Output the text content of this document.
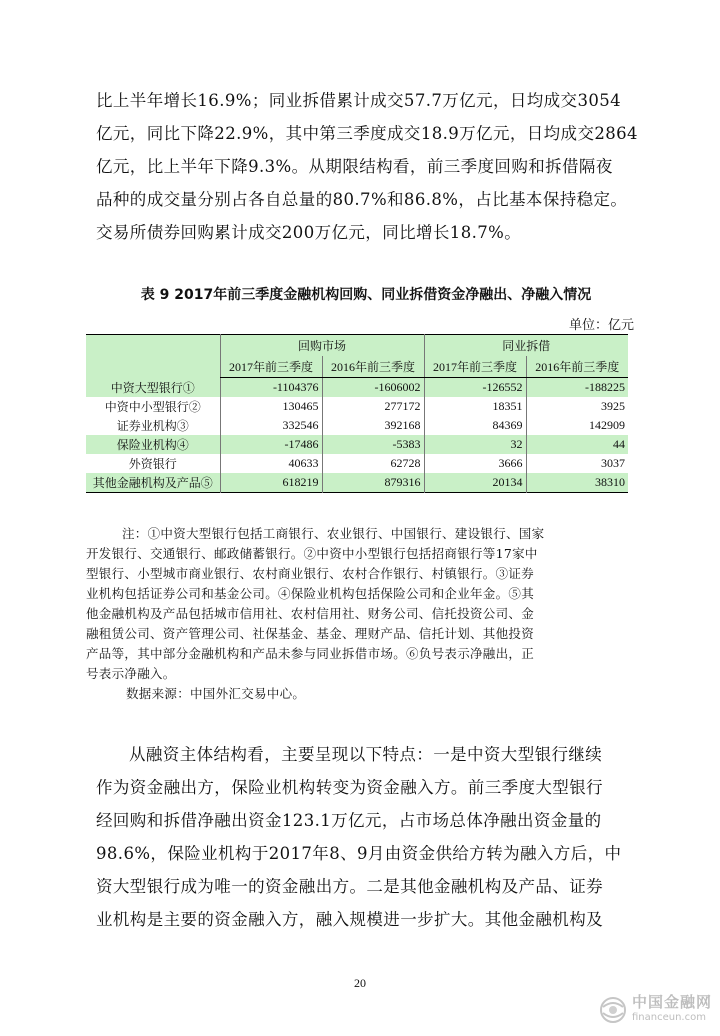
比上半年增长16.9%；同业拆借累计成交57.7万亿元，日均成交3054

亿元，同比下降22.9%，其中第三季度成交18.9万亿元，日均成交2864

亿元，比上半年下降9.3%。从期限结构看，前三季度回购和拆借隔夜

品种的成交量分别占各自总量的80.7%和86.8%，占比基本保持稳定。

交易所债券回购累计成交200万亿元，同比增长18.7%。

表 9 2017年前三季度金融机构回购、同业拆借资金净融出、净融入情况
单位：亿元
	回购市场		同业拆借	
	2017年前三季度	2016年前三季度	2017年前三季度	2016年前三季度
中资大型银行①	-1104376	-1606002	-126552	-188225
中资中小型银行②	130465	277172	18351	3925
证券业机构③	332546	392168	84369	142909
保险业机构④	-17486	-5383	32	44
外资银行	40633	62728	3666	3037
其他金融机构及产品⑤	618219	879316	20134	38310

注：①中资大型银行包括工商银行、农业银行、中国银行、建设银行、国家

开发银行、交通银行、邮政储蓄银行。②中资中小型银行包括招商银行等17家中

型银行、小型城市商业银行、农村商业银行、农村合作银行、村镇银行。③证券

业机构包括证券公司和基金公司。④保险业机构包括保险公司和企业年金。⑤其

他金融机构及产品包括城市信用社、农村信用社、财务公司、信托投资公司、金

融租赁公司、资产管理公司、社保基金、基金、理财产品、信托计划、其他投资

产品等，其中部分金融机构和产品未参与同业拆借市场。⑥负号表示净融出，正

号表示净融入。

数据来源：中国外汇交易中心。

从融资主体结构看，主要呈现以下特点：一是中资大型银行继续

作为资金融出方，保险业机构转变为资金融入方。前三季度大型银行

经回购和拆借净融出资金123.1万亿元，占市场总体净融出资金量的

98.6%，保险业机构于2017年8、9月由资金供给方转为融入方后，中

资大型银行成为唯一的资金融出方。二是其他金融机构及产品、证券

业机构是主要的资金融入方，融入规模进一步扩大。其他金融机构及

20
中国金融网
financeun.com
